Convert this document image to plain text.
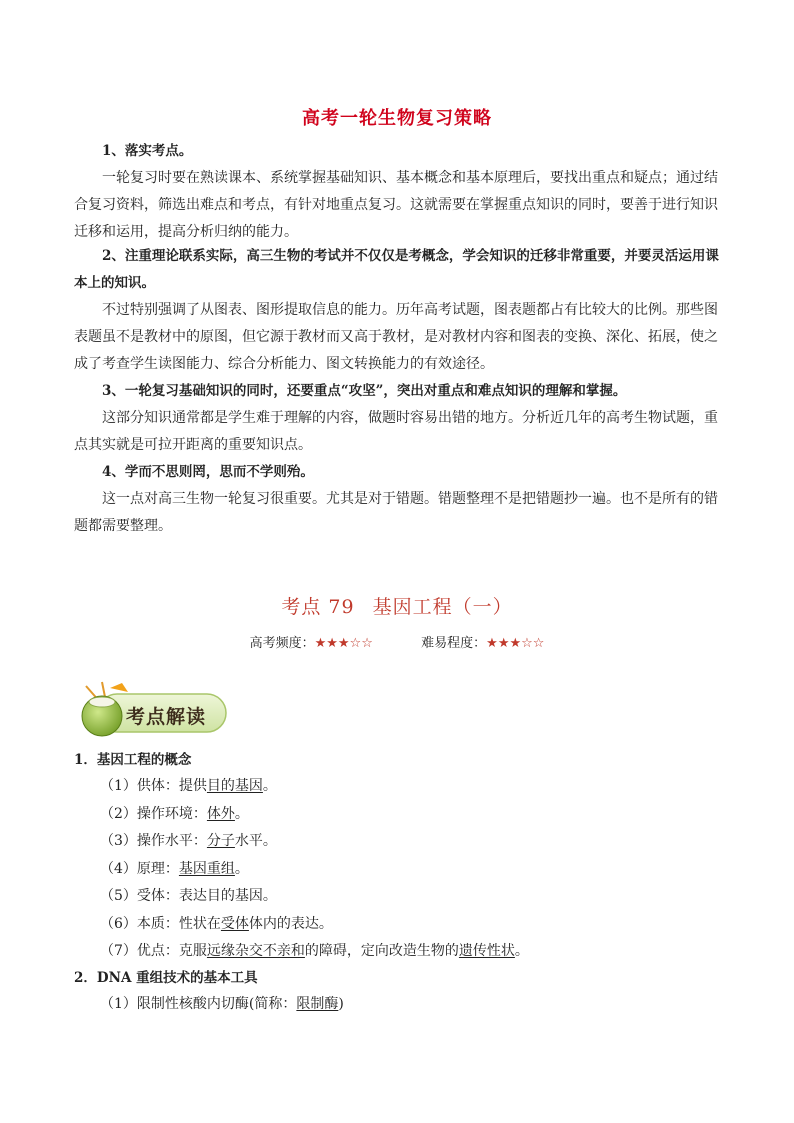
高考一轮生物复习策略
1、落实考点。
一轮复习时要在熟读课本、系统掌握基础知识、基本概念和基本原理后，要找出重点和疑点；通过结合复习资料，筛选出难点和考点，有针对地重点复习。这就需要在掌握重点知识的同时，要善于进行知识迁移和运用，提高分析归纳的能力。
2、注重理论联系实际，高三生物的考试并不仅仅是考概念，学会知识的迁移非常重要，并要灵活运用课本上的知识。
不过特别强调了从图表、图形提取信息的能力。历年高考试题，图表题都占有比较大的比例。那些图表题虽不是教材中的原图，但它源于教材而又高于教材，是对教材内容和图表的变换、深化、拓展，使之成了考查学生读图能力、综合分析能力、图文转换能力的有效途径。
3、一轮复习基础知识的同时，还要重点“攻坚”，突出对重点和难点知识的理解和掌握。
这部分知识通常都是学生难于理解的内容，做题时容易出错的地方。分析近几年的高考生物试题，重点其实就是可拉开距离的重要知识点。
4、学而不思则罔，思而不学则殆。
这一点对高三生物一轮复习很重要。尤其是对于错题。错题整理不是把错题抄一遍。也不是所有的错题都需要整理。
考点 79 基因工程（一）
高考频度：★★★☆☆	难易程度：★★★☆☆
考点解读
1．基因工程的概念
（1）供体：提供目的基因。
（2）操作环境：体外。
（3）操作水平：分子水平。
（4）原理：基因重组。
（5）受体：表达目的基因。
（6）本质：性状在受体体内的表达。
（7）优点：克服远缘杂交不亲和的障碍，定向改造生物的遗传性状。
2．DNA 重组技术的基本工具
（1）限制性核酸内切酶(简称：限制酶)
